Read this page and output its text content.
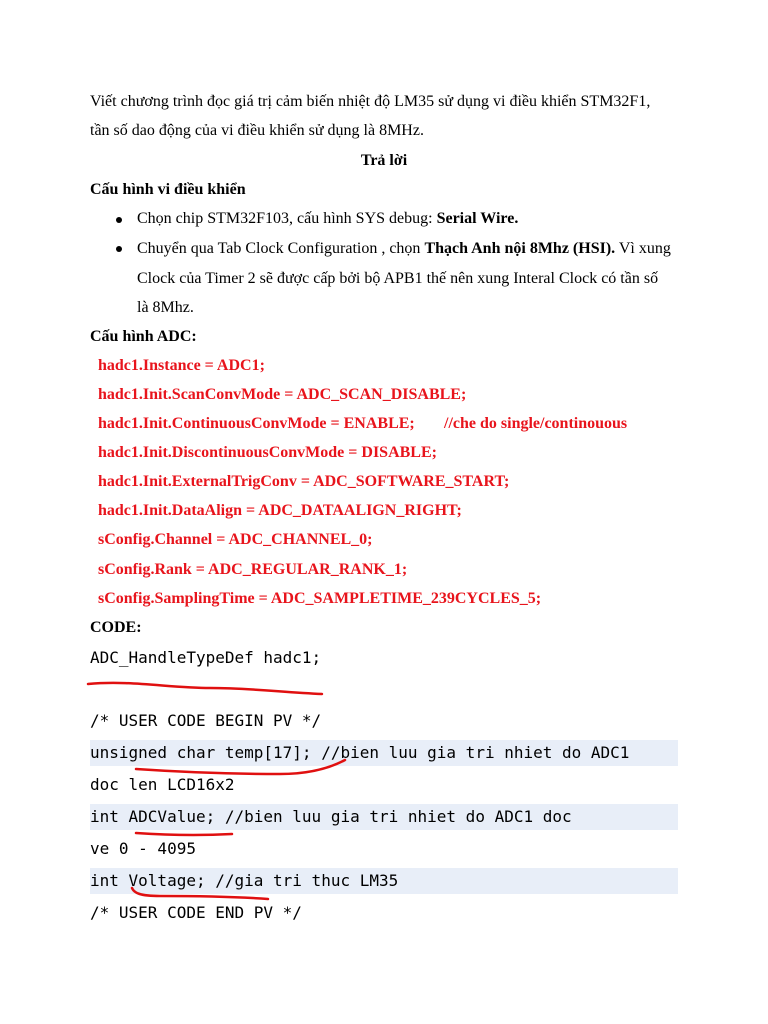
Viết chương trình đọc giá trị cảm biến nhiệt độ LM35 sử dụng vi điều khiển STM32F1,
tần số dao động của vi điều khiển sử dụng là 8MHz.
Trả lời
Cấu hình vi điều khiển
Chọn chip STM32F103, cấu hình SYS debug: Serial Wire.
Chuyển qua Tab Clock Configuration , chọn Thạch Anh nội 8Mhz (HSI). Vì xung
Clock của Timer 2 sẽ được cấp bởi bộ APB1 thế nên xung Interal Clock có tần số
là 8Mhz.
Cấu hình ADC:
hadc1.Instance = ADC1;
hadc1.Init.ScanConvMode = ADC_SCAN_DISABLE;
hadc1.Init.ContinuousConvMode = ENABLE; //che do single/continouous
hadc1.Init.DiscontinuousConvMode = DISABLE;
hadc1.Init.ExternalTrigConv = ADC_SOFTWARE_START;
hadc1.Init.DataAlign = ADC_DATAALIGN_RIGHT;
sConfig.Channel = ADC_CHANNEL_0;
sConfig.Rank = ADC_REGULAR_RANK_1;
sConfig.SamplingTime = ADC_SAMPLETIME_239CYCLES_5;
CODE:
ADC_HandleTypeDef hadc1;
/* USER CODE BEGIN PV */
unsigned char temp[17]; //bien luu gia tri nhiet do ADC1
doc len LCD16x2
int ADCValue; //bien luu gia tri nhiet do ADC1 doc
ve 0 - 4095
int Voltage; //gia tri thuc LM35
/* USER CODE END PV */
